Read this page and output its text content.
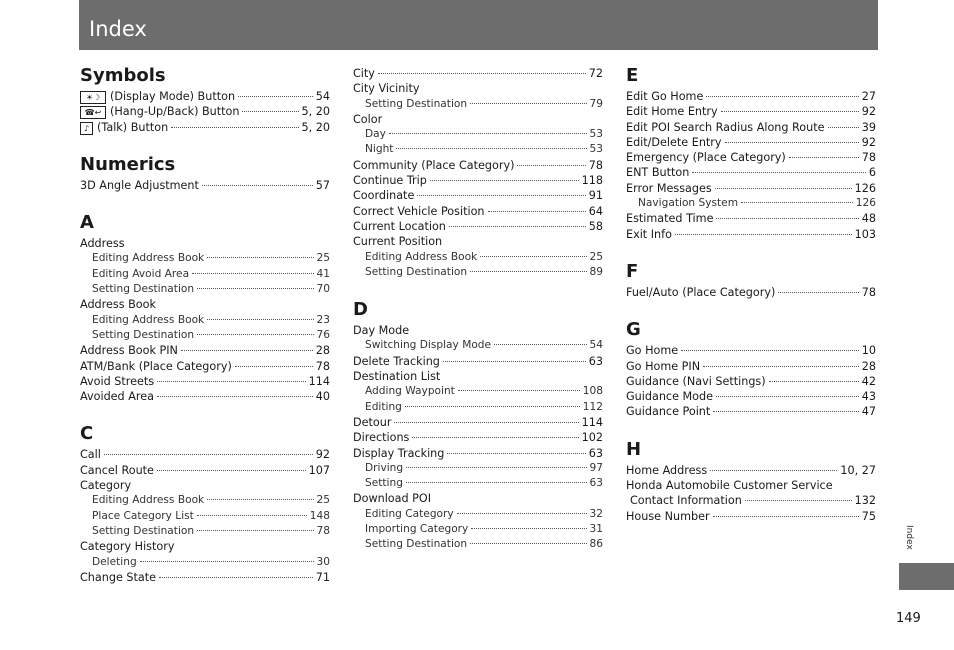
Index
Symbols
☀☽ (Display Mode) Button	54
☎↩ (Hang-Up/Back) Button	5, 20
♪ (Talk) Button	5, 20
Numerics
3D Angle Adjustment	57
A
Address
Editing Address Book	25
Editing Avoid Area	41
Setting Destination	70
Address Book
Editing Address Book	23
Setting Destination	76
Address Book PIN	28
ATM/Bank (Place Category)	78
Avoid Streets	114
Avoided Area	40
C
Call	92
Cancel Route	107
Category
Editing Address Book	25
Place Category List	148
Setting Destination	78
Category History
Deleting	30
Change State	71
City	72
City Vicinity
Setting Destination	79
Color
Day	53
Night	53
Community (Place Category)	78
Continue Trip	118
Coordinate	91
Correct Vehicle Position	64
Current Location	58
Current Position
Editing Address Book	25
Setting Destination	89
D
Day Mode
Switching Display Mode	54
Delete Tracking	63
Destination List
Adding Waypoint	108
Editing	112
Detour	114
Directions	102
Display Tracking	63
Driving	97
Setting	63
Download POI
Editing Category	32
Importing Category	31
Setting Destination	86
E
Edit Go Home	27
Edit Home Entry	92
Edit POI Search Radius Along Route	39
Edit/Delete Entry	92
Emergency (Place Category)	78
ENT Button	6
Error Messages	126
Navigation System	126
Estimated Time	48
Exit Info	103
F
Fuel/Auto (Place Category)	78
G
Go Home	10
Go Home PIN	28
Guidance (Navi Settings)	42
Guidance Mode	43
Guidance Point	47
H
Home Address	10, 27
Honda Automobile Customer Service
Contact Information	132
House Number	75
Index
149
